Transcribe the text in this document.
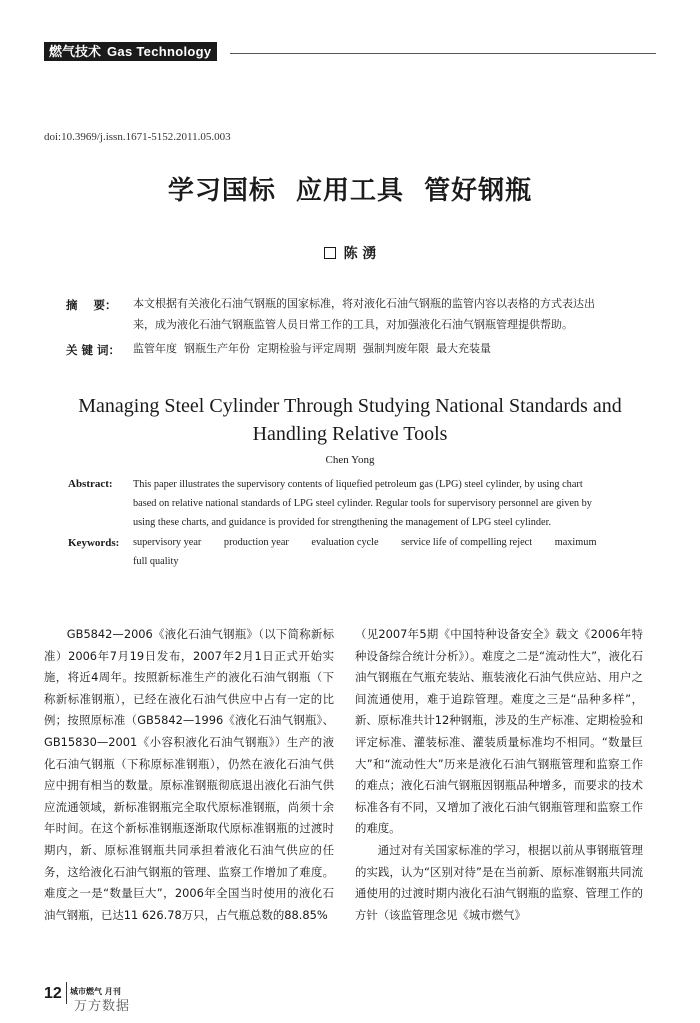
燃气技术 Gas Technology
doi:10.3969/j.issn.1671-5152.2011.05.003
学习国标  应用工具  管好钢瓶
陈 湧
摘    要： 本文根据有关液化石油气钢瓶的国家标准，将对液化石油气钢瓶的监管内容以表格的方式表达出
来，成为液化石油气钢瓶监管人员日常工作的工具，对加强液化石油气钢瓶管理提供帮助。
关 键 词： 监管年度  钢瓶生产年份  定期检验与评定周期  强制判废年限  最大充装量
Managing Steel Cylinder Through Studying National Standards and Handling Relative Tools
Chen Yong
Abstract: This paper illustrates the supervisory contents of liquefied petroleum gas (LPG) steel cylinder, by using chart
based on relative national standards of LPG steel cylinder. Regular tools for supervisory personnel are given by
using these charts, and guidance is provided for strengthening the management of LPG steel cylinder.
Keywords: supervisory year production year evaluation cycle service life of compelling reject maximum full quality

GB5842—2006《液化石油气钢瓶》（以下简称新标准）2006年7月19日发布，2007年2月1日正式开始实施，将近4周年。按照新标准生产的液化石油气钢瓶（下称新标准钢瓶），已经在液化石油气供应中占有一定的比例；按照原标准（GB5842—1996《液化石油气钢瓶》、GB15830—2001《小容积液化石油气钢瓶》）生产的液化石油气钢瓶（下称原标准钢瓶），仍然在液化石油气供应中拥有相当的数量。原标准钢瓶彻底退出液化石油气供应流通领域，新标准钢瓶完全取代原标准钢瓶，尚须十余年时间。在这个新标准钢瓶逐渐取代原标准钢瓶的过渡时期内，新、原标准钢瓶共同承担着液化石油气供应的任务，这给液化石油气钢瓶的管理、监察工作增加了难度。难度之一是“数量巨大”，2006年全国当时使用的液化石油气钢瓶，已达11 626.78万只，占气瓶总数的88.85%

（见2007年5期《中国特种设备安全》载文《2006年特种设备综合统计分析》）。难度之二是“流动性大”，液化石油气钢瓶在气瓶充装站、瓶装液化石油气供应站、用户之间流通使用，难于追踪管理。难度之三是“品种多样”，新、原标准共计12种钢瓶，涉及的生产标准、定期检验和评定标准、灌装标准、灌装质量标准均不相同。“数量巨大”和“流动性大”历来是液化石油气钢瓶管理和监察工作的难点；液化石油气钢瓶因钢瓶品种增多，而要求的技术标准各有不同，又增加了液化石油气钢瓶管理和监察工作的难度。

通过对有关国家标准的学习，根据以前从事钢瓶管理的实践，认为“区别对待”是在当前新、原标准钢瓶共同流通使用的过渡时期内液化石油气钢瓶的监察、管理工作的方针（该监管理念见《城市燃气》

12 城市燃气 月刊
万方数据
